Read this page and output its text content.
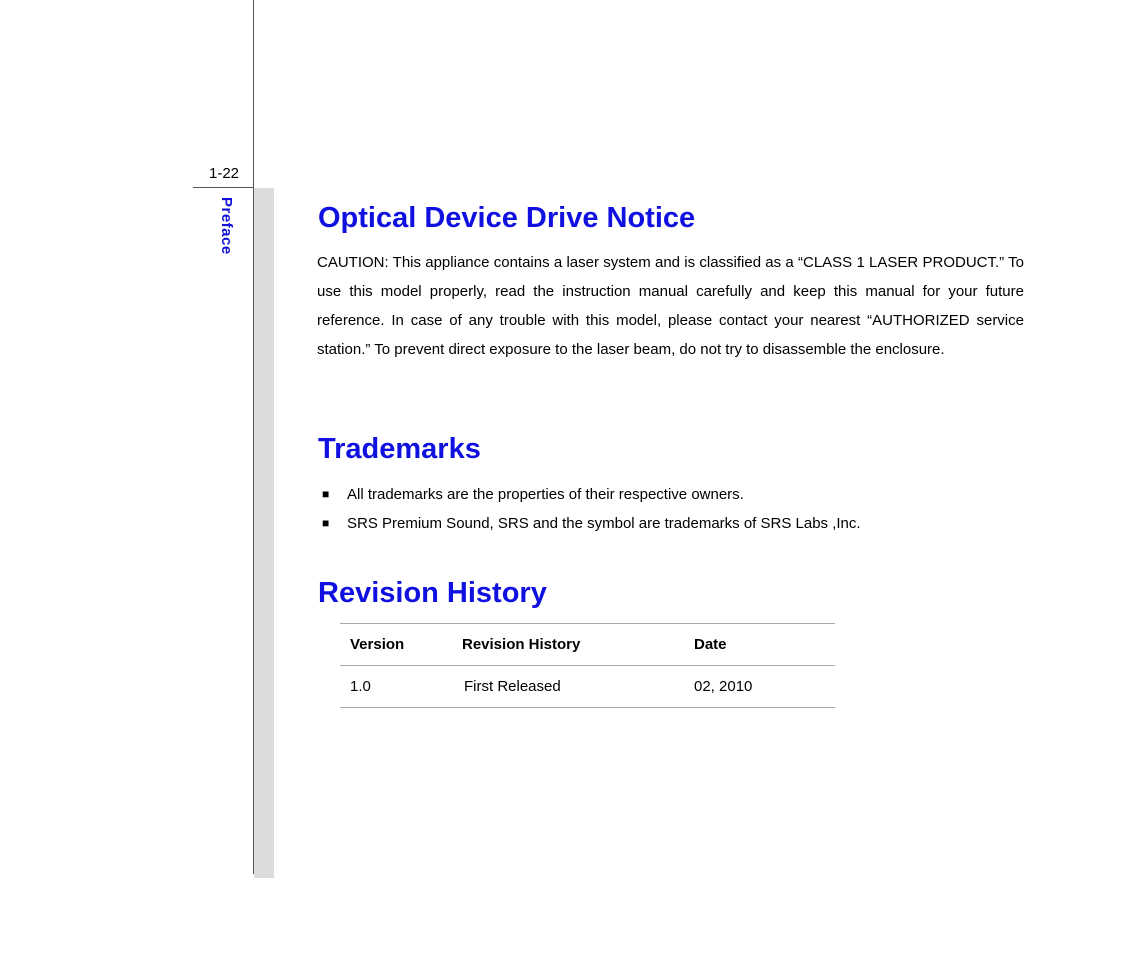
1-22
Preface	Optical Device Drive Notice

CAUTION: This appliance contains a laser system and is classified as a “CLASS 1 LASER PRODUCT.” To use this model properly, read the instruction manual carefully and keep this manual for your future reference. In case of any trouble with this model, please contact your nearest “AUTHORIZED service station.” To prevent direct exposure to the laser beam, do not try to disassemble the enclosure.

Trademarks
■ All trademarks are the properties of their respective owners.
■ SRS Premium Sound, SRS and the symbol are trademarks of SRS Labs ,Inc.
Revision History
Version	Revision History	Date
1.0	First Released	02, 2010
